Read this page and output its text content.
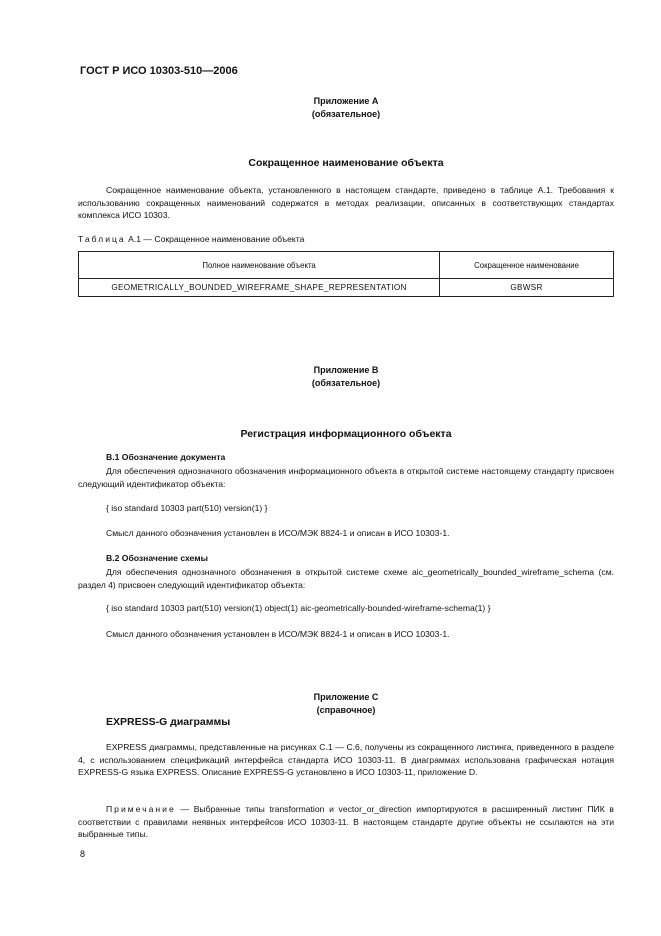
ГОСТ Р ИСО 10303-510—2006
Приложение А
(обязательное)
Сокращенное наименование объекта
Сокращенное наименование объекта, установленного в настоящем стандарте, приведено в таблице А.1. Требования к использованию сокращенных наименований содержатся в методах реализации, описанных в соответствующих стандартах комплекса ИСО 10303.
Таблица А.1 — Сокращенное наименование объекта
Полное наименование объекта	Сокращенное наименование
GEOMETRICALLY_BOUNDED_WIREFRAME_SHAPE_REPRESENTATION	GBWSR
Приложение В
(обязательное)
Регистрация информационного объекта
В.1 Обозначение документа
Для обеспечения однозначного обозначения информационного объекта в открытой системе настоящему стандарту присвоен следующий идентификатор объекта:
{ iso standard 10303 part(510) version(1) }
Смысл данного обозначения установлен в ИСО/МЭК 8824-1 и описан в ИСО 10303-1.
В.2 Обозначение схемы
Для обеспечения однозначного обозначения в открытой системе схеме aic_geometrically_bounded_wireframe_schema (см. раздел 4) присвоен следующий идентификатор объекта:
{ iso standard 10303 part(510) version(1) object(1) aic-geometrically-bounded-wireframe-schema(1) }
Смысл данного обозначения установлен в ИСО/МЭК 8824-1 и описан в ИСО 10303-1.
Приложение С
(справочное)
EXPRESS-G диаграммы
EXPRESS диаграммы, представленные на рисунках С.1 — С.6, получены из сокращенного листинга, приведенного в разделе 4, с использованием спецификаций интерфейса стандарта ИСО 10303-11. В диаграммах использована графическая нотация EXPRESS-G языка EXPRESS. Описание EXPRESS-G установлено в ИСО 10303-11, приложение D.
Примечание — Выбранные типы transformation и vector_or_direction импортируются в расширенный листинг ПИК в соответствии с правилами неявных интерфейсов ИСО 10303-11. В настоящем стандарте другие объекты не ссылаются на эти выбранные типы.
8
